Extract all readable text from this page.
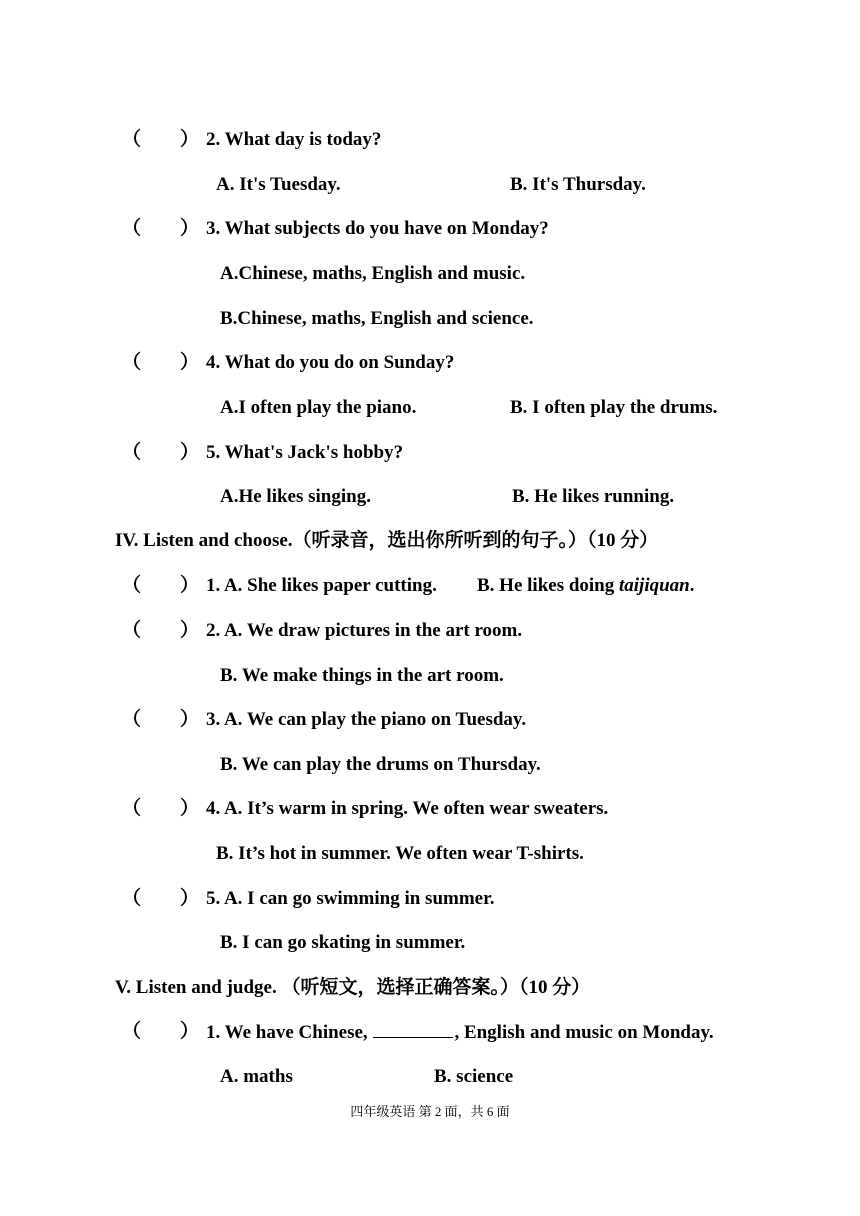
（ ） 2. What day is today?
A. It's Tuesday.	B. It's Thursday.
（ ） 3. What subjects do you have on Monday?
A.Chinese, maths, English and music.
B.Chinese, maths, English and science.
（ ） 4. What do you do on Sunday?
A.I often play the piano.	B. I often play the drums.
（ ） 5. What's Jack's hobby?
A.He likes singing.	B. He likes running.
IV. Listen and choose.（听录音，选出你所听到的句子。）（10 分）
（ ） 1. A. She likes paper cutting. B. He likes doing taijiquan.
（ ） 2. A. We draw pictures in the art room.
B. We make things in the art room.
（ ） 3. A. We can play the piano on Tuesday.
B. We can play the drums on Thursday.
（ ） 4. A. It’s warm in spring. We often wear sweaters.
B. It’s hot in summer. We often wear T-shirts.
（ ） 5. A. I can go swimming in summer.
B. I can go skating in summer.
V. Listen and judge. （听短文，选择正确答案。）（10 分）
（ ） 1. We have Chinese,	, English and music on Monday.
A. maths	B. science
四年级英语 第 2 面，共 6 面
